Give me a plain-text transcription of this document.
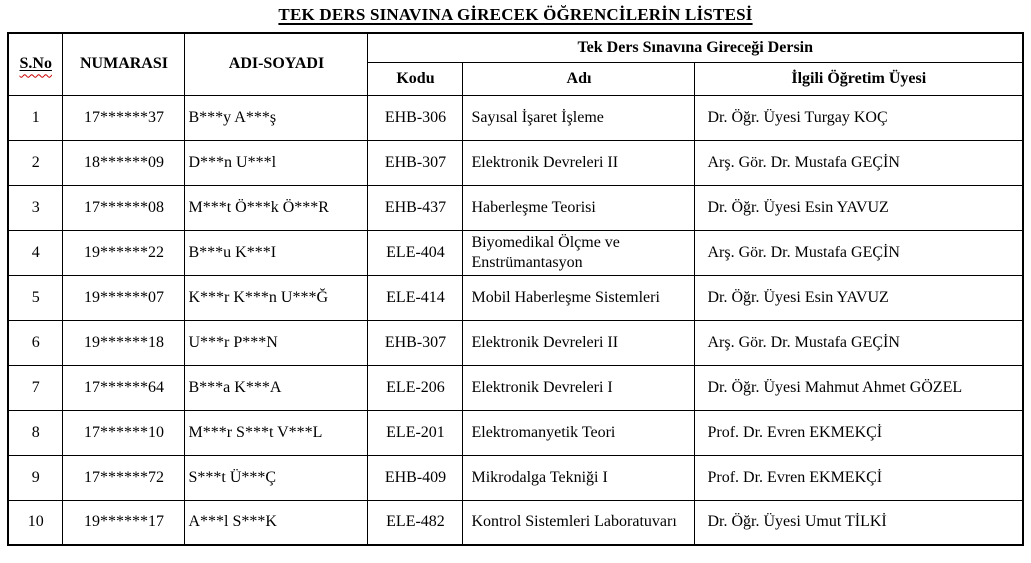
TEK DERS SINAVINA GİRECEK ÖĞRENCİLERİN LİSTESİ
S.No	NUMARASI	ADI-SOYADI	Tek Ders Sınavına Gireceği Dersin		
			Kodu	Adı	İlgili Öğretim Üyesi
1	17******37	B***y A***ş	EHB-306	Sayısal İşaret İşleme	Dr. Öğr. Üyesi Turgay KOÇ
2	18******09	D***n U***l	EHB-307	Elektronik Devreleri II	Arş. Gör. Dr. Mustafa GEÇİN
3	17******08	M***t Ö***k Ö***R	EHB-437	Haberleşme Teorisi	Dr. Öğr. Üyesi Esin YAVUZ
4	19******22	B***u K***I	ELE-404	Biyomedikal Ölçme ve Enstrümantasyon	Arş. Gör. Dr. Mustafa GEÇİN
5	19******07	K***r K***n U***Ğ	ELE-414	Mobil Haberleşme Sistemleri	Dr. Öğr. Üyesi Esin YAVUZ
6	19******18	U***r P***N	EHB-307	Elektronik Devreleri II	Arş. Gör. Dr. Mustafa GEÇİN
7	17******64	B***a K***A	ELE-206	Elektronik Devreleri I	Dr. Öğr. Üyesi Mahmut Ahmet GÖZEL
8	17******10	M***r S***t V***L	ELE-201	Elektromanyetik Teori	Prof. Dr. Evren EKMEKÇİ
9	17******72	S***t Ü***Ç	EHB-409	Mikrodalga Tekniği I	Prof. Dr. Evren EKMEKÇİ
10	19******17	A***l S***K	ELE-482	Kontrol Sistemleri Laboratuvarı	Dr. Öğr. Üyesi Umut TİLKİ
